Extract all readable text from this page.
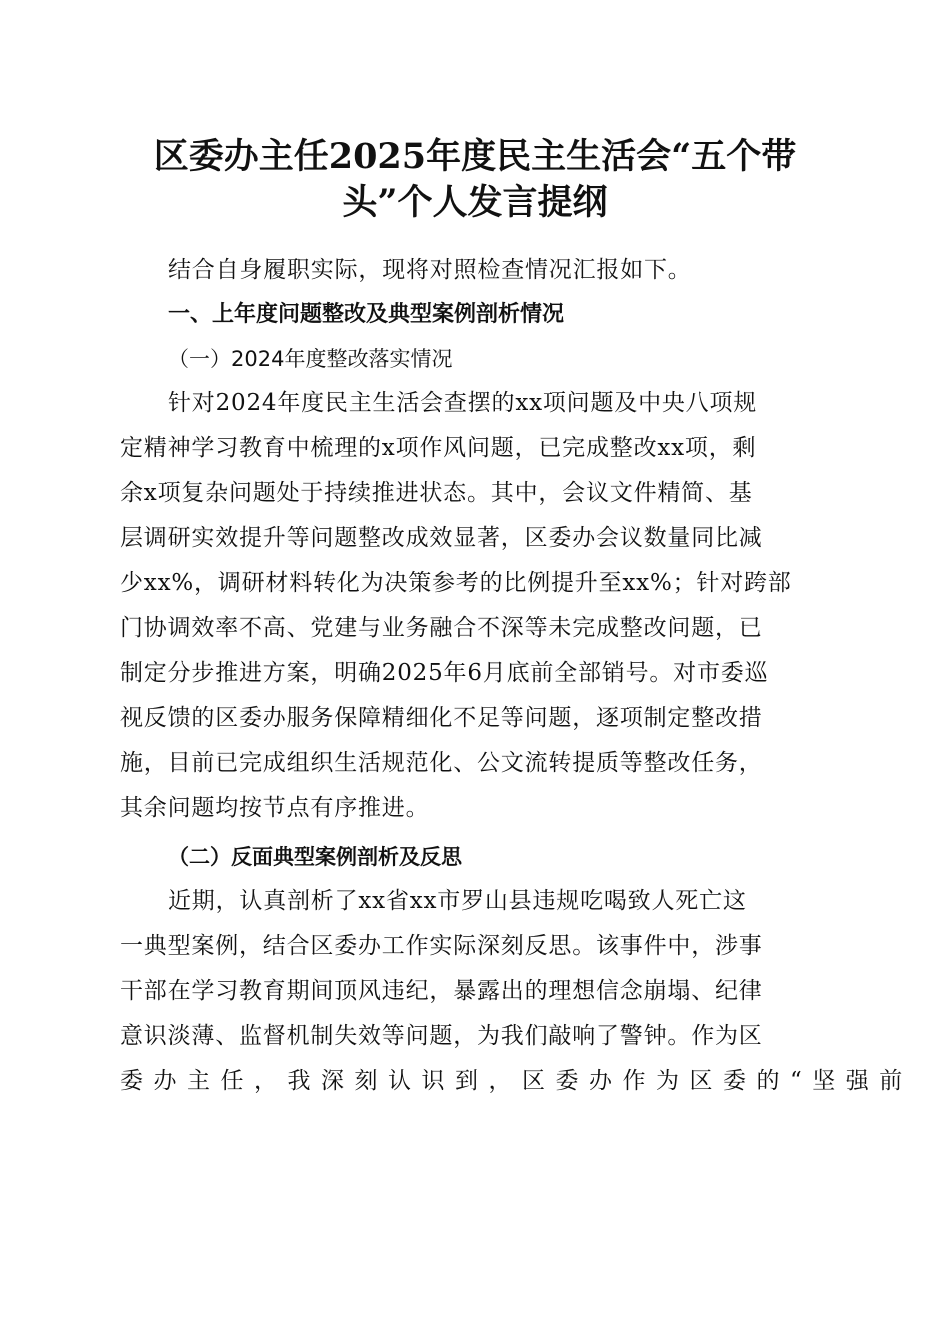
区委办主任2025年度民主生活会“五个带
头”个人发言提纲

结合自身履职实际，现将对照检查情况汇报如下。

一、上年度问题整改及典型案例剖析情况

（一）2024年度整改落实情况

针对2024年度民主生活会查摆的xx项问题及中央八项规
定精神学习教育中梳理的x项作风问题，已完成整改xx项，剩
余x项复杂问题处于持续推进状态。其中，会议文件精简、基
层调研实效提升等问题整改成效显著，区委办会议数量同比减
少xx%，调研材料转化为决策参考的比例提升至xx%；针对跨部
门协调效率不高、党建与业务融合不深等未完成整改问题，已
制定分步推进方案，明确2025年6月底前全部销号。对市委巡
视反馈的区委办服务保障精细化不足等问题，逐项制定整改措
施，目前已完成组织生活规范化、公文流转提质等整改任务，
其余问题均按节点有序推进。

（二）反面典型案例剖析及反思

近期，认真剖析了xx省xx市罗山县违规吃喝致人死亡这
一典型案例，结合区委办工作实际深刻反思。该事件中，涉事
干部在学习教育期间顶风违纪，暴露出的理想信念崩塌、纪律
意识淡薄、监督机制失效等问题，为我们敲响了警钟。作为区
委办主任，我深刻认识到，区委办作为区委的“坚强前
